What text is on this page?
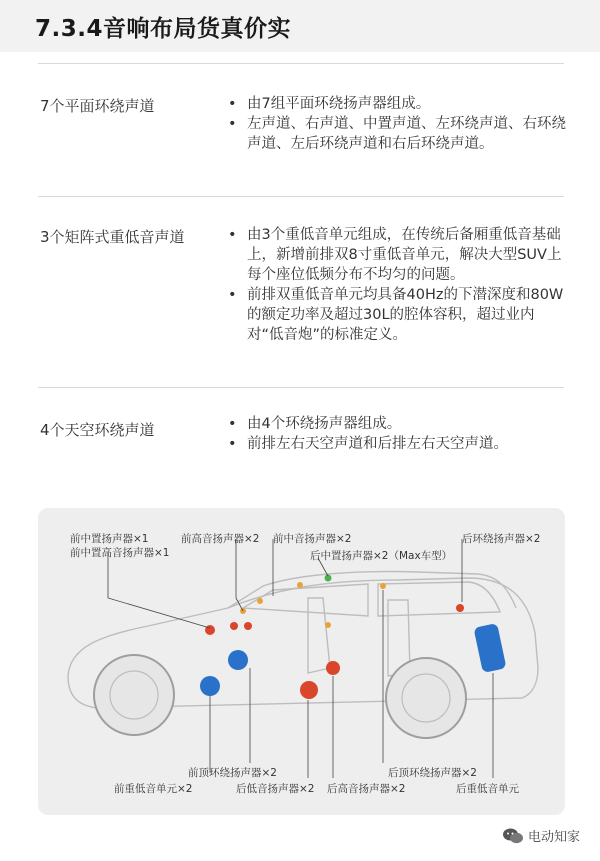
7.3.4音响布局货真价实
7个平面环绕声道	• 由7组平面环绕扬声器组成。
• 左声道、右声道、中置声道、左环绕声道、右环绕声道、左后环绕声道和右后环绕声道。
3个矩阵式重低音声道	• 由3个重低音单元组成，在传统后备厢重低音基础上，新增前排双8寸重低音单元，解决大型SUV上每个座位低频分布不均匀的问题。
• 前排双重低音单元均具备40Hz的下潜深度和80W的额定功率及超过30L的腔体容积，超过业内对“低音炮”的标准定义。
4个天空环绕声道	• 由4个环绕扬声器组成。
• 前排左右天空声道和后排左右天空声道。
前中置扬声器×1
前中置高音扬声器×1
前高音扬声器×2 前中音扬声器×2
后中置扬声器×2（Max车型）
后环绕扬声器×2
前重低音单元×2
前顶环绕扬声器×2
后低音扬声器×2 后高音扬声器×2
后顶环绕扬声器×2
后重低音单元
电动知家
